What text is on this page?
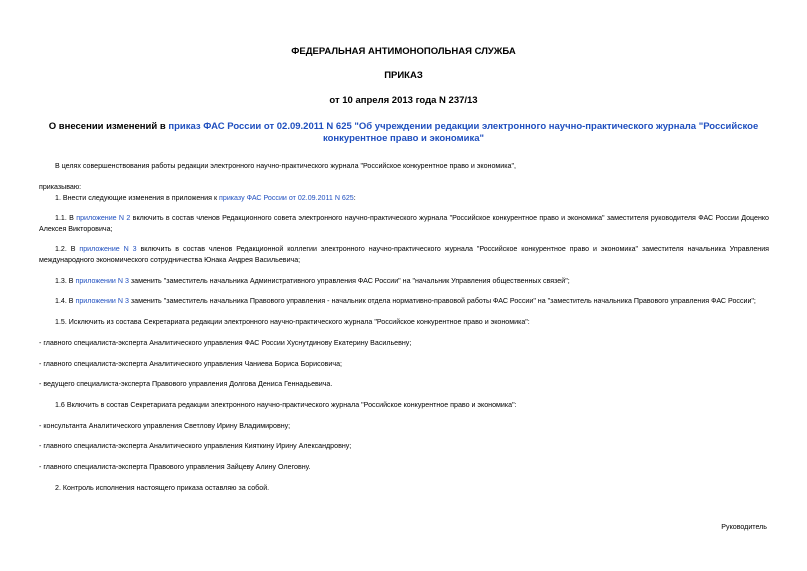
ФЕДЕРАЛЬНАЯ АНТИМОНОПОЛЬНАЯ СЛУЖБА
ПРИКАЗ
от 10 апреля 2013 года N 237/13
О внесении изменений в приказ ФАС России от 02.09.2011 N 625 "Об учреждении редакции электронного научно-практического журнала "Российское конкурентное право и экономика"
В целях совершенствования работы редакции электронного научно-практического журнала "Российское конкурентное право и экономика",
приказываю:
1. Внести следующие изменения в приложения к приказу ФАС России от 02.09.2011 N 625:
1.1. В приложение N 2 включить в состав членов Редакционного совета электронного научно-практического журнала "Российское конкурентное право и экономика" заместителя руководителя ФАС России Доценко Алексея Викторовича;
1.2. В приложение N 3 включить в состав членов Редакционной коллегии электронного научно-практического журнала "Российское конкурентное право и экономика" заместителя начальника Управления международного экономического сотрудничества Юнака Андрея Васильевича;
1.3. В приложении N 3 заменить "заместитель начальника Административного управления ФАС России" на "начальник Управления общественных связей";
1.4. В приложении N 3 заменить "заместитель начальника Правового управления - начальник отдела нормативно-правовой работы ФАС России" на "заместитель начальника Правового управления ФАС России";
1.5. Исключить из состава Секретариата редакции электронного научно-практического журнала "Российское конкурентное право и экономика":
- главного специалиста-эксперта Аналитического управления ФАС России Хуснутдинову Екатерину Васильевну;
- главного специалиста-эксперта Аналитического управления Чаниева Бориса Борисовича;
- ведущего специалиста-эксперта Правового управления Долгова Дениса Геннадьевича.
1.6 Включить в состав Секретариата редакции электронного научно-практического журнала "Российское конкурентное право и экономика":
- консультанта Аналитического управления Светлову Ирину Владимировну;
- главного специалиста-эксперта Аналитического управления Кияткину Ирину Александровну;
- главного специалиста-эксперта Правового управления Зайцеву Алину Олеговну.
2. Контроль исполнения настоящего приказа оставляю за собой.
Руководитель
